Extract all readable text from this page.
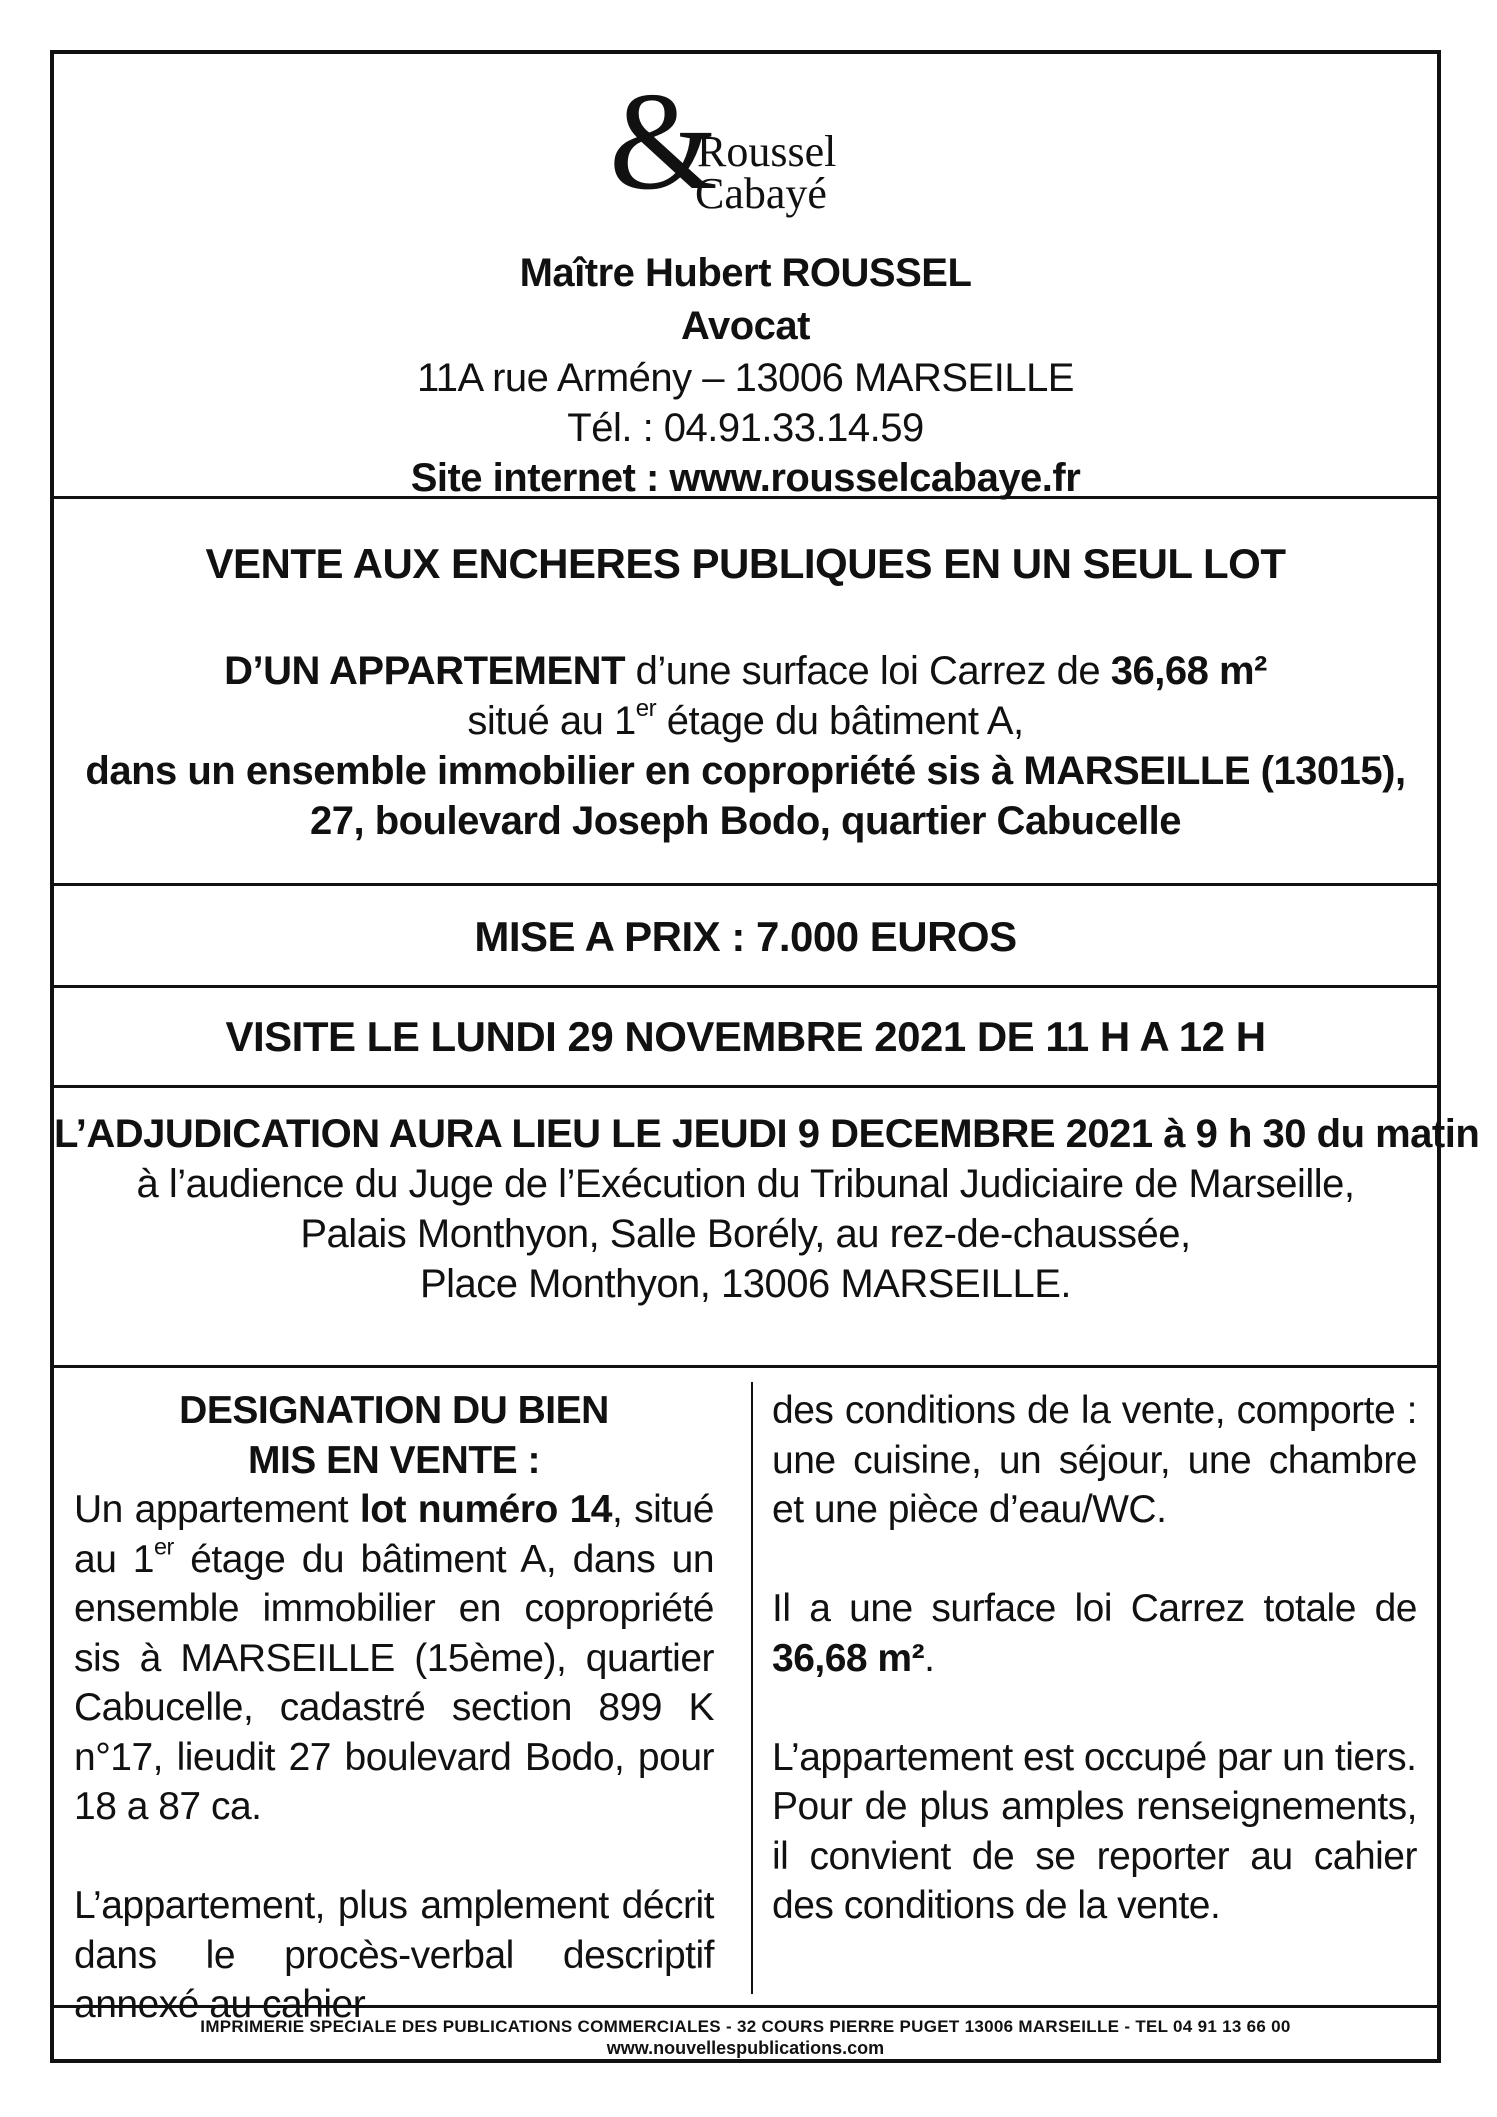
&
Roussel
Cabayé
Maître Hubert ROUSSEL
Avocat
11A rue Armény – 13006 MARSEILLE
Tél. : 04.91.33.14.59
Site internet : www.rousselcabaye.fr
VENTE AUX ENCHERES PUBLIQUES EN UN SEUL LOT
D’UN APPARTEMENT d’une surface loi Carrez de 36,68 m²
situé au 1er étage du bâtiment A,
dans un ensemble immobilier en copropriété sis à MARSEILLE (13015),
27, boulevard Joseph Bodo, quartier Cabucelle
MISE A PRIX : 7.000 EUROS
VISITE LE LUNDI 29 NOVEMBRE 2021 DE 11 H A 12 H
L’ADJUDICATION AURA LIEU LE JEUDI 9 DECEMBRE 2021 à 9 h 30 du matin
à l’audience du Juge de l’Exécution du Tribunal Judiciaire de Marseille,
Palais Monthyon, Salle Borély, au rez-de-chaussée,
Place Monthyon, 13006 MARSEILLE.

DESIGNATION DU BIEN

MIS EN VENTE :

Un appartement lot numéro 14, situé au 1er étage du bâtiment A, dans un ensemble immobilier en copropriété sis à MARSEILLE (15ème), quartier Cabucelle, cadastré section 899 K n°17, lieudit 27 boulevard Bodo, pour 18 a 87 ca.

L’appartement, plus amplement décrit dans le procès-verbal descriptif annexé au cahier

des conditions de la vente, comporte : une cuisine, un séjour, une chambre et une pièce d’eau/WC.

Il a une surface loi Carrez totale de 36,68 m².

L’appartement est occupé par un tiers.

Pour de plus amples renseignements, il convient de se reporter au cahier des conditions de la vente.

IMPRIMERIE SPECIALE DES PUBLICATIONS COMMERCIALES - 32 COURS PIERRE PUGET 13006 MARSEILLE - TEL 04 91 13 66 00
www.nouvellespublications.com
